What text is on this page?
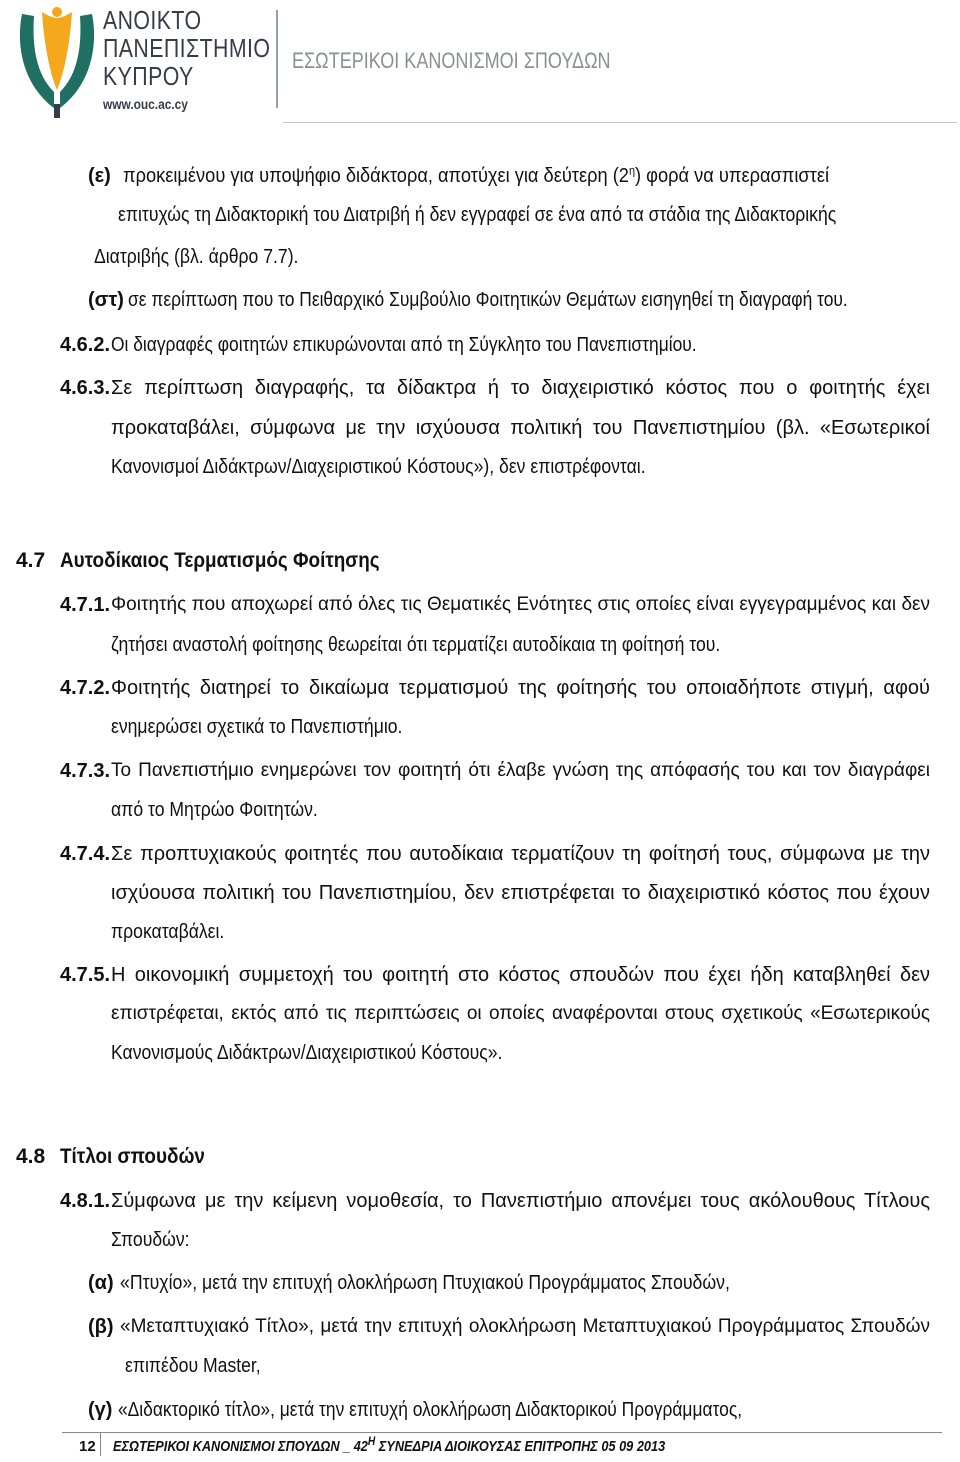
ΑΝΟΙΚΤΟ
ΠΑΝΕΠΙΣΤΗΜΙΟ
ΚΥΠΡΟΥ
www.ouc.ac.cy
ΕΣΩΤΕΡΙΚΟΙ ΚΑΝΟΝΙΣΜΟΙ ΣΠΟΥΔΩΝ
(ε) προκειμένου για υποψήφιο διδάκτορα, αποτύχει για δεύτερη $(2^\eta)$ φορά να υπερασπιστεί
επιτυχώς τη Διδακτορική του Διατριβή ή δεν εγγραφεί σε ένα από τα στάδια της Διδακτορικής
Διατριβής (βλ. άρθρο 7.7).
(στ) σε περίπτωση που το Πειθαρχικό Συμβούλιο Φοιτητικών Θεμάτων εισηγηθεί τη διαγραφή του.
4.6.2. Οι διαγραφές φοιτητών επικυρώνονται από τη Σύγκλητο του Πανεπιστημίου.
4.6.3. Σε περίπτωση διαγραφής, τα δίδακτρα ή το διαχειριστικό κόστος που ο φοιτητής έχει
προκαταβάλει, σύμφωνα με την ισχύουσα πολιτική του Πανεπιστημίου (βλ. «Εσωτερικοί
Κανονισμοί Διδάκτρων/Διαχειριστικού Κόστους»), δεν επιστρέφονται.
4.7 Αυτοδίκαιος Τερματισμός Φοίτησης
4.7.1. Φοιτητής που αποχωρεί από όλες τις Θεματικές Ενότητες στις οποίες είναι εγγεγραμμένος και δεν
ζητήσει αναστολή φοίτησης θεωρείται ότι τερματίζει αυτοδίκαια τη φοίτησή του.
4.7.2. Φοιτητής διατηρεί το δικαίωμα τερματισμού της φοίτησής του οποιαδήποτε στιγμή, αφού
ενημερώσει σχετικά το Πανεπιστήμιο.
4.7.3. Το Πανεπιστήμιο ενημερώνει τον φοιτητή ότι έλαβε γνώση της απόφασής του και τον διαγράφει
από το Μητρώο Φοιτητών.
4.7.4. Σε προπτυχιακούς φοιτητές που αυτοδίκαια τερματίζουν τη φοίτησή τους, σύμφωνα με την
ισχύουσα πολιτική του Πανεπιστημίου, δεν επιστρέφεται το διαχειριστικό κόστος που έχουν
προκαταβάλει.
4.7.5. Η οικονομική συμμετοχή του φοιτητή στο κόστος σπουδών που έχει ήδη καταβληθεί δεν
επιστρέφεται, εκτός από τις περιπτώσεις οι οποίες αναφέρονται στους σχετικούς «Εσωτερικούς
Κανονισμούς Διδάκτρων/Διαχειριστικού Κόστους».
4.8 Τίτλοι σπουδών
4.8.1. Σύμφωνα με την κείμενη νομοθεσία, το Πανεπιστήμιο απονέμει τους ακόλουθους Τίτλους
Σπουδών:
(α) «Πτυχίο», μετά την επιτυχή ολοκλήρωση Πτυχιακού Προγράμματος Σπουδών,
(β) «Μεταπτυχιακό Τίτλο», μετά την επιτυχή ολοκλήρωση Μεταπτυχιακού Προγράμματος Σπουδών
επιπέδου Master,
(γ) «Διδακτορικό τίτλο», μετά την επιτυχή ολοκλήρωση Διδακτορικού Προγράμματος,
12 ΕΣΩΤΕΡΙΚΟΙ ΚΑΝΟΝΙΣΜΟΙ ΣΠΟΥΔΩΝ _ $42^H$ ΣΥΝΕΔΡΙΑ ΔΙΟΙΚΟΥΣΑΣ ΕΠΙΤΡΟΠΗΣ 05 09 2013
